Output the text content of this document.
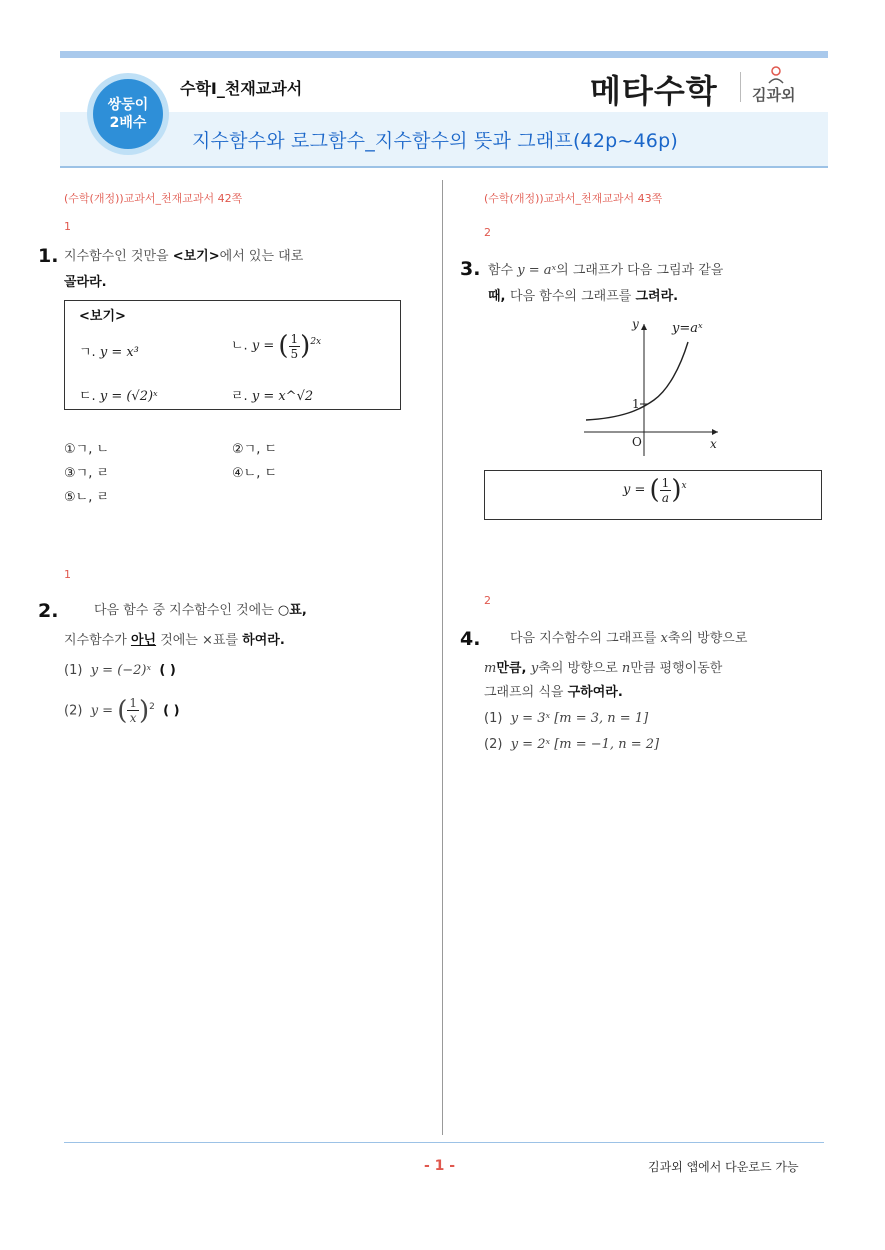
쌍둥이
2배수
수학Ⅰ_천재교과서
지수함수와 로그함수_지수함수의 뜻과 그래프(42p~46p)
메타수학 김과외
(수학(개정))교과서_천재교과서 42쪽
1
1. 지수함수인 것만을 <보기>에서 있는 대로
골라라.
<보기>
ㄱ. y = x³	ㄴ. y = ( $\frac{1}{5} )^{2x}$
ㄷ. y = (√2)ˣ	ㄹ. y = x^√2
①ㄱ, ㄴ	②ㄱ, ㄷ
③ㄱ, ㄹ	④ㄴ, ㄷ
⑤ㄴ, ㄹ
1
2.	다음 함수 중 지수함수인 것에는 ○표,
지수함수가 아닌 것에는 ×표를 하여라.
(1) y = (−2)ˣ ( )
(2) y = ( $\frac{1}{x} )^2$ ( )
(수학(개정))교과서_천재교과서 43쪽
2
3. 함수 y = aˣ의 그래프가 다음 그림과 같을
때, 다음 함수의 그래프를 그려라.
y=aˣ
y
x
1
O
y = ( $\frac{1}{a} )^x$
2
4. 다음 지수함수의 그래프를 x축의 방향으로
m만큼, y축의 방향으로 n만큼 평행이동한
그래프의 식을 구하여라.
(1) y = 3ˣ [m = 3, n = 1]
(2) y = 2ˣ [m = −1, n = 2]
- 1 -	김과외 앱에서 다운로드 가능
